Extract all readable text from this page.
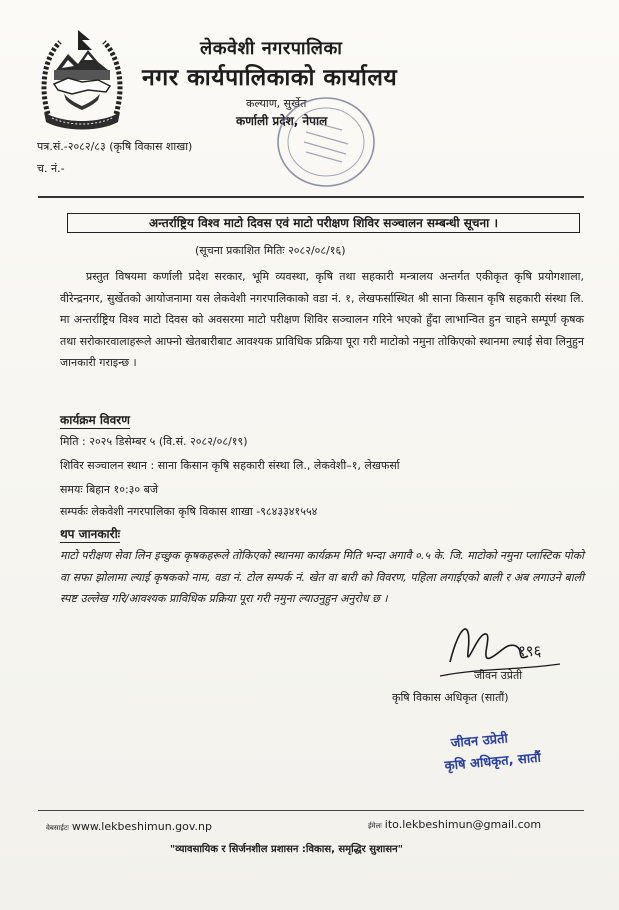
लेकवेशी नगरपालिका
नगर कार्यपालिकाको कार्यालय
कल्याण, सुर्खेत
कर्णाली प्रदेश, नेपाल
पत्र.सं.-२०८२/८३ (कृषि विकास शाखा)
च. नं.-
अन्तर्राष्ट्रिय विश्व माटो दिवस एवं माटो परीक्षण शिविर सञ्चालन सम्बन्धी सूचना ।
(सूचना प्रकाशित मितिः २०८२/०८/१६)
प्रस्तुत विषयमा कर्णाली प्रदेश सरकार, भूमि व्यवस्था, कृषि तथा सहकारी मन्त्रालय अन्तर्गत एकीकृत कृषि प्रयोगशाला, वीरेन्द्रनगर, सुर्खेतको आयोजनामा यस लेकवेशी नगरपालिकाको वडा नं. १, लेखफर्सास्थित श्री साना किसान कृषि सहकारी संस्था लि. मा अन्तर्राष्ट्रिय विश्व माटो दिवस को अवसरमा माटो परीक्षण शिविर सञ्चालन गरिने भएको हुँदा लाभान्वित हुन चाहने सम्पूर्ण कृषक तथा सरोकारवालाहरूले आफ्नो खेतबारीबाट आवश्यक प्राविधिक प्रक्रिया पूरा गरी माटोको नमुना तोकिएको स्थानमा ल्याई सेवा लिनुहुन जानकारी गराइन्छ ।
कार्यक्रम विवरण
मिति : २०२५ डिसेम्बर ५ (वि.सं. २०८२/०८/१९)
शिविर सञ्चालन स्थान : साना किसान कृषि सहकारी संस्था लि., लेकवेशी–१, लेखफर्सा
समयः बिहान १०:३० बजे
सम्पर्कः लेकवेशी नगरपालिका कृषि विकास शाखा -९८४३३४१५५४
थप जानकारीः
माटो परीक्षण सेवा लिन इच्छुक कृषकहरूले तोकिएको स्थानमा कार्यक्रम मिति भन्दा अगावै ०.५ के. जि. माटोको नमुना प्लास्टिक पोको वा सफा झोलामा ल्याई कृषकको नाम, वडा नं. टोल सम्पर्क नं. खेत वा बारी को विवरण, पहिला लगाईएको बाली र अब लगाउने बाली स्पष्ट उल्लेख गरि/आवश्यक प्राविधिक प्रक्रिया पूरा गरी नमुना ल्याउनुहुन अनुरोध छ ।
१९६
जीवन उप्रेती
कृषि विकास अधिकृत (सातौं)
जीवन उप्रेती
कृषि अधिकृत, सातौं
वेबसाईटः www.lekbeshimun.gov.np	ईमेलः ito.lekbeshimun@gmail.com
"व्यावसायिक र सिर्जनशील प्रशासन :विकास, समृद्धिर सुशासन"
